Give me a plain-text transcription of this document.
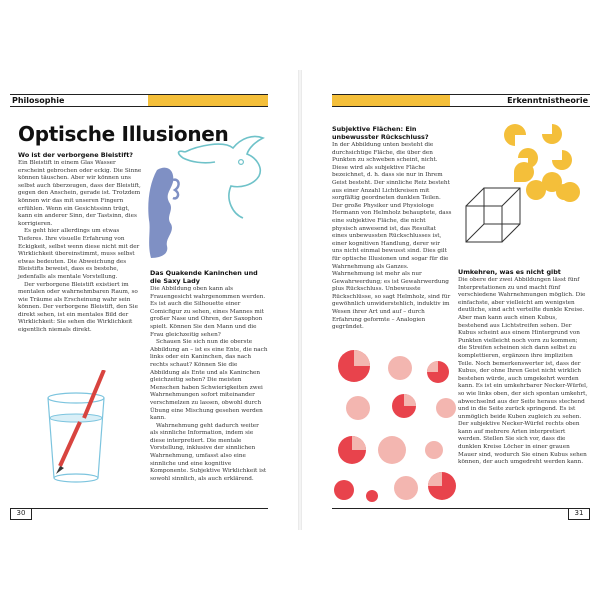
Philosophie
Optische Illusionen
Wo ist der verborgene Bleistift?

Ein Bleistift in einem Glas Wasser erscheint gebrochen oder eckig. Die Sinne können täuschen. Aber wir können uns selbst auch überzeugen, dass der Bleistift, gegen den Anschein, gerade ist. Trotzdem können wir das mit unseren Fingern erfühlen. Wenn ein Gesichtssinn trügt, kann ein anderer Sinn, der Tastsinn, dies korrigieren.

Es geht hier allerdings um etwas Tieferes. Ihre visuelle Erfahrung von Eckigkeit, selbst wenn diese nicht mit der Wirklichkeit übereinstimmt, muss selbst etwas bedeuten. Die Abweichung des Bleistifts beweist, dass es bestehe, jedenfalls als mentale Vorstellung.

Der verborgene Bleistift existiert im mentalen oder wahrnehmbaren Raum, so wie Träume als Erscheinung wahr sein können. Der verborgene Bleistift, den Sie direkt sehen, ist ein mentales Bild der Wirklichkeit: Sie sehen die Wirklichkeit eigentlich niemals direkt.

Das Quakende Kaninchen und die Saxy Lady

Die Abbildung oben kann als Frauengesicht wahrgenommen werden. Es ist auch die Silhouette einer Comicfigur zu sehen, eines Mannes mit großer Nase und Ohren, der Saxophon spielt. Können Sie den Mann und die Frau gleichzeitig sehen?

Schauen Sie sich nun die oberste Abbildung an – ist es eine Ente, die nach links oder ein Kaninchen, das nach rechts schaut? Können Sie die Abbildung als Ente und als Kaninchen gleichzeitig sehen? Die meisten Menschen haben Schwierigkeiten zwei Wahrnehmungen sofort miteinander verschmelzen zu lassen, obwohl durch Übung eine Mischung gesehen werden kann.

Wahrnehmung geht dadurch weiter als sinnliche Information, indem sie diese interpretiert. Die mentale Vorstellung, inklusive der sinnlichen Wahrnehmung, umfasst also eine sinnliche und eine kognitive Komponente. Subjektive Wirklichkeit ist sowohl sinnlich, als auch erklärend.

30
Erkenntnistheorie
Subjektive Flächen: Ein unbewusster Rückschluss?

In der Abbildung unten besteht die durchsichtige Fläche, die über den Punkten zu schweben scheint, nicht. Diese wird als subjektive Fläche bezeichnet, d. h. dass sie nur in Ihrem Geist besteht. Der sinnliche Reiz besteht aus einer Anzahl Lichtkreisen mit sorgfältig geordneten dunklen Teilen. Der große Physiker und Physiologe Hermann von Helmholz behauptete, dass eine subjektive Fläche, die nicht physisch anwesend ist, das Resultat eines unbewussten Rückschlusses ist, einer kognitiven Handlung, derer wir uns nicht einmal bewusst sind. Dies gilt für optische Illusionen und sogar für die Wahrnehmung als Ganzes. Wahrnehmung ist mehr als nur Gewahrwerdung; es ist Gewahrwerdung plus Rückschluss. Unbewusste Rückschlüsse, so sagt Helmholz, sind für gewöhnlich unwiderstehlich, induktiv im Wesen ihrer Art und auf – durch Erfahrung geformte – Analogien gegründet.

Umkehren, was es nicht gibt

Die obere der zwei Abbildungen lässt fünf Interpretationen zu und macht fünf verschiedene Wahrnehmungen möglich. Die einfachste, aber vielleicht am wenigsten deutliche, sind acht verteilte dunkle Kreise. Aber man kann auch einen Kubus, bestehend aus Lichtstreifen sehen. Der Kubus scheint aus einem Hintergrund von Punkten vielleicht noch vorn zu kommen; die Streifen scheinen sich dann selbst zu komplettieren, ergänzen ihre impliziten Teile. Noch bemerkenswerter ist, dass der Kubus, der ohne Ihren Geist nicht wirklich bestehen würde, auch umgekehrt werden kann. Es ist ein umkehrbarer Necker-Würfel, so wie links oben, der sich spontan umkehrt, abwechselnd aus der Seite heraus stechend und in die Seite zurück springend. Es ist unmöglich beide Kuben zugleich zu sehen. Der subjektive Necker-Würfel rechts oben kann auf mehrere Arten interpretiert werden. Stellen Sie sich vor, dass die dunklen Kreise Löcher in einer grauen Mauer sind, wodurch Sie einen Kubus sehen können, der auch umgedreht werden kann.

31
